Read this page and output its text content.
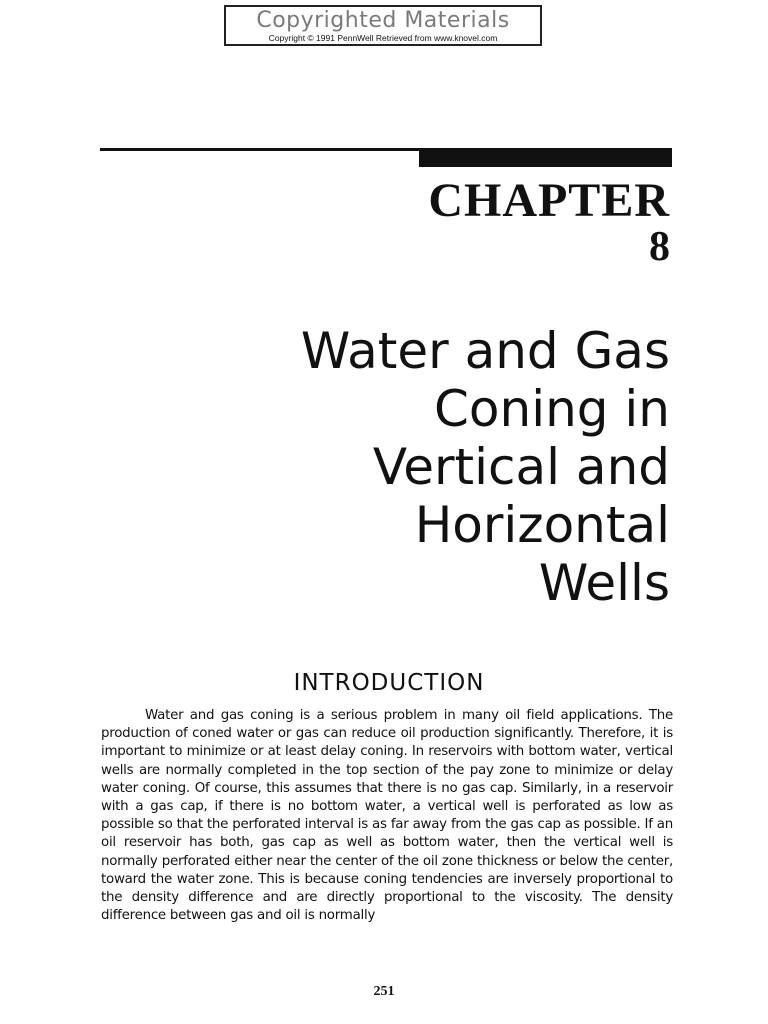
Copyrighted Materials
Copyright © 1991 PennWell Retrieved from www.knovel.com
CHAPTER
8
Water and Gas
Coning in
Vertical and
Horizontal
Wells
INTRODUCTION

Water and gas coning is a serious problem in many oil field applications. The production of coned water or gas can reduce oil production significantly. Therefore, it is important to minimize or at least delay coning. In reservoirs with bottom water, vertical wells are normally completed in the top section of the pay zone to minimize or delay water coning. Of course, this assumes that there is no gas cap. Similarly, in a reservoir with a gas cap, if there is no bottom water, a vertical well is perforated as low as possible so that the perforated interval is as far away from the gas cap as possible. If an oil reservoir has both, gas cap as well as bottom water, then the vertical well is normally perforated either near the center of the oil zone thickness or below the center, toward the water zone. This is because coning tendencies are inversely proportional to the density difference and are directly proportional to the viscosity. The density difference between gas and oil is normally

251
